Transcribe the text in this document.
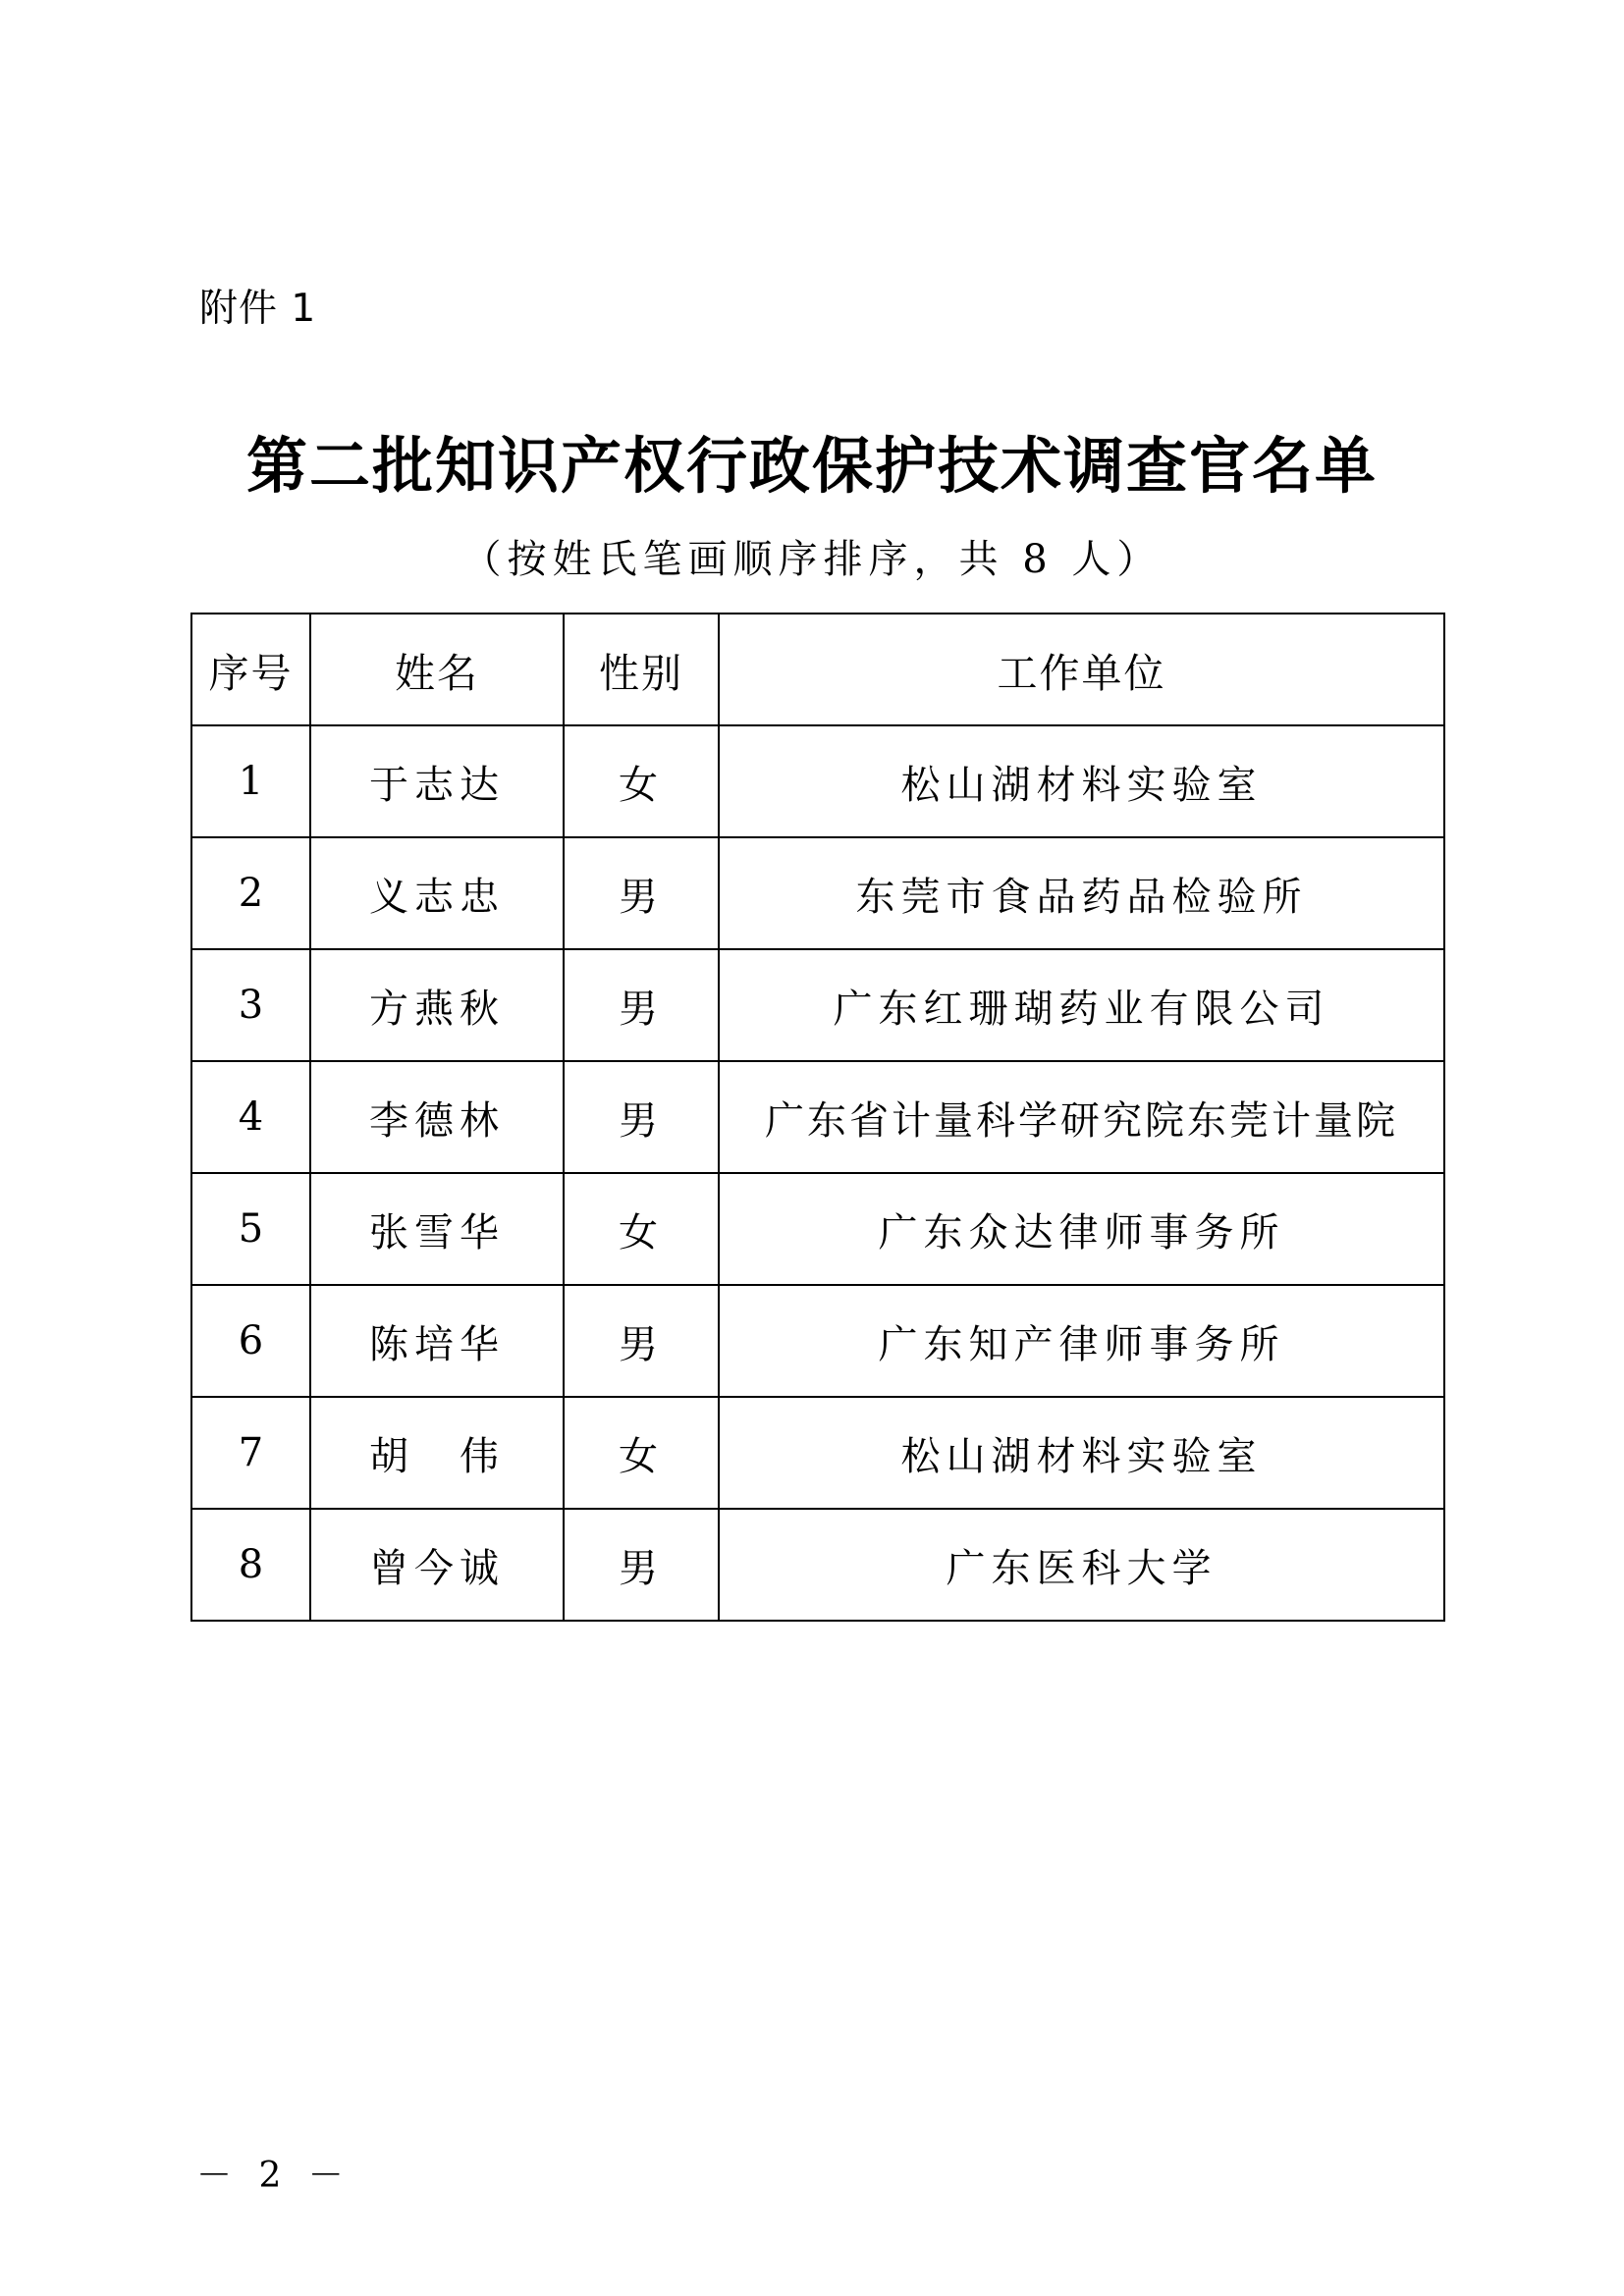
附件 1
第二批知识产权行政保护技术调查官名单
（按姓氏笔画顺序排序，共 8 人）
序号	姓名	性别	工作单位
1	于志达	女	松山湖材料实验室
2	义志忠	男	东莞市食品药品检验所
3	方燕秋	男	广东红珊瑚药业有限公司
4	李德林	男	广东省计量科学研究院东莞计量院
5	张雪华	女	广东众达律师事务所
6	陈培华	男	广东知产律师事务所
7	胡　伟	女	松山湖材料实验室
8	曾今诚	男	广东医科大学
－ 2 －
